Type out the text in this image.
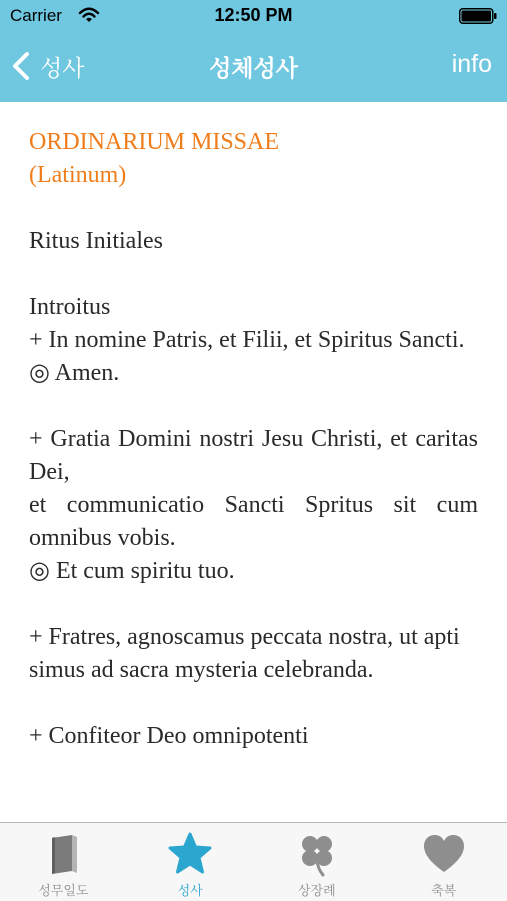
Carrier	12:50 PM
성사	성체성사	info

ORDINARIUM MISSAE

(Latinum)

Ritus Initiales

Introitus

+ In nomine Patris, et Filii, et Spiritus Sancti.

◎ Amen.

+ Gratia Domini nostri Jesu Christi, et caritas Dei,

et communicatio Sancti Spritus sit cum omnibus vobis.

◎ Et cum spiritu tuo.

+ Fratres, agnoscamus peccata nostra, ut apti

simus ad sacra mysteria celebranda.

+ Confiteor Deo omnipotenti

성무일도	성사	상장례	축복
